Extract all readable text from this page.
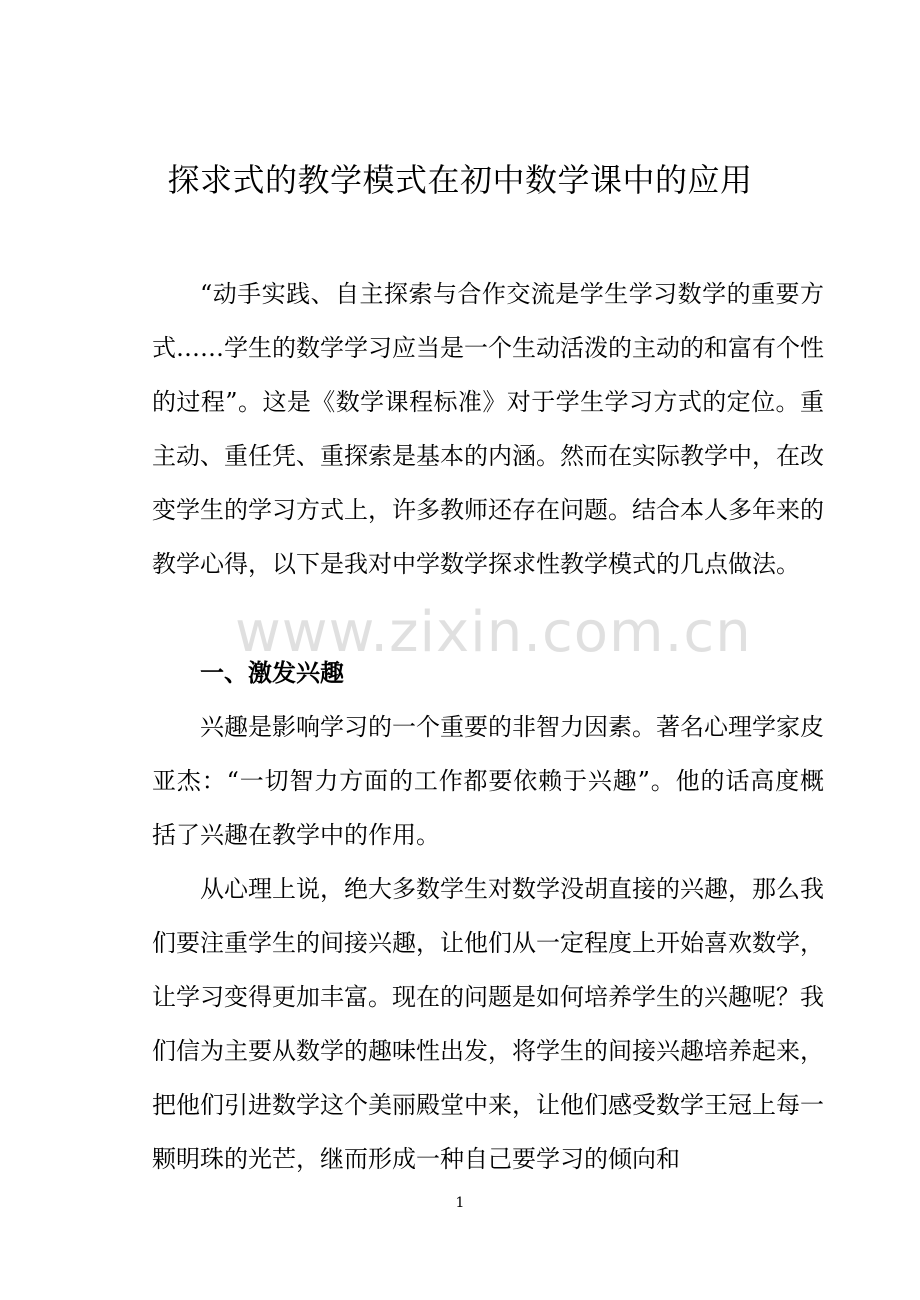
探求式的教学模式在初中数学课中的应用
“动手实践、自主探索与合作交流是学生学习数学的重要方式……学生的数学学习应当是一个生动活泼的主动的和富有个性的过程”。这是《数学课程标准》对于学生学习方式的定位。重主动、重任凭、重探索是基本的内涵。然而在实际教学中，在改变学生的学习方式上，许多教师还存在问题。结合本人多年来的教学心得，以下是我对中学数学探求性教学模式的几点做法。
www.zixin.com.cn
一、激发兴趣
兴趣是影响学习的一个重要的非智力因素。著名心理学家皮亚杰：“一切智力方面的工作都要依赖于兴趣”。他的话高度概括了兴趣在教学中的作用。
从心理上说，绝大多数学生对数学没胡直接的兴趣，那么我们要注重学生的间接兴趣，让他们从一定程度上开始喜欢数学，让学习变得更加丰富。现在的问题是如何培养学生的兴趣呢？我们信为主要从数学的趣味性出发，将学生的间接兴趣培养起来，把他们引进数学这个美丽殿堂中来，让他们感受数学王冠上每一颗明珠的光芒，继而形成一种自己要学习的倾向和
1
